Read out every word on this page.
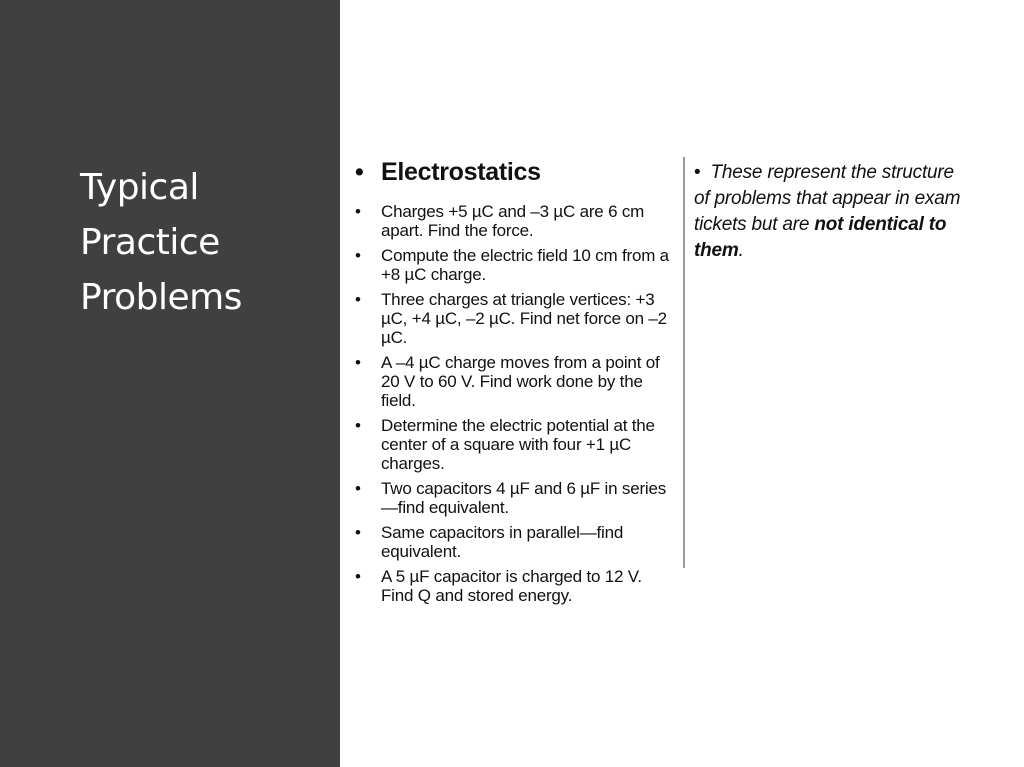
Typical
Practice
Problems
• Electrostatics
• Charges +5 µC and –3 µC are 6 cm apart. Find the force.
• Compute the electric field 10 cm from a +8 µC charge.
• Three charges at triangle vertices: +3 µC, +4 µC, –2 µC. Find net force on –2 µC.
• A –4 µC charge moves from a point of 20 V to 60 V. Find work done by the field.
• Determine the electric potential at the center of a square with four +1 µC charges.
• Two capacitors 4 µF and 6 µF in series—find equivalent.
• Same capacitors in parallel—find equivalent.
• A 5 µF capacitor is charged to 12 V. Find Q and stored energy.
• These represent the structure of problems that appear in exam tickets but are not identical to them.
